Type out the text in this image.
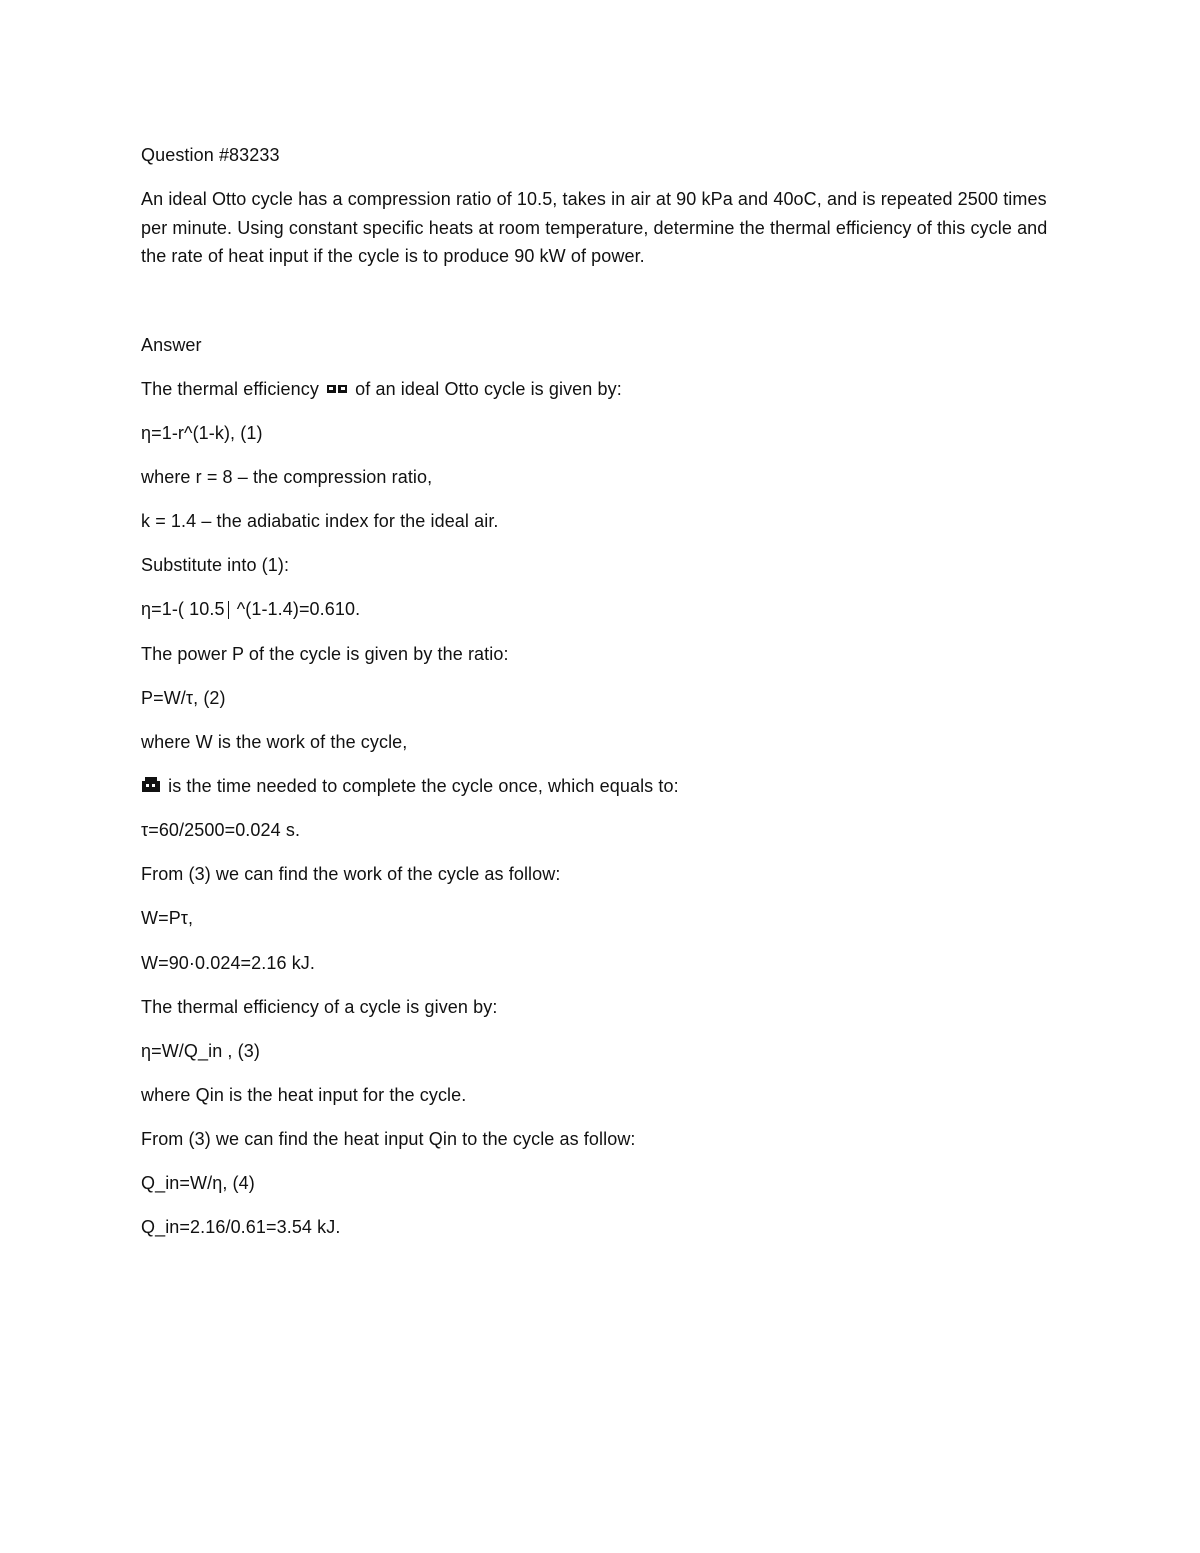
Question #83233
An ideal Otto cycle has a compression ratio of 10.5, takes in air at 90 kPa and 40oC, and is repeated 2500 times per minute. Using constant specific heats at room temperature, determine the thermal efficiency of this cycle and the rate of heat input if the cycle is to produce 90 kW of power.
Answer
The thermal efficiency of an ideal Otto cycle is given by:
η=1-r^(1-k), (1)
where r = 8 – the compression ratio,
k = 1.4 – the adiabatic index for the ideal air.
Substitute into (1):
η=1-( 10.5 ^(1-1.4)=0.610.
The power P of the cycle is given by the ratio:
P=W/τ, (2)
where W is the work of the cycle,
is the time needed to complete the cycle once, which equals to:
τ=60/2500=0.024 s.
From (3) we can find the work of the cycle as follow:
W=Pτ,
W=90·0.024=2.16 kJ.
The thermal efficiency of a cycle is given by:
η=W/Q_in , (3)
where Qin is the heat input for the cycle.
From (3) we can find the heat input Qin to the cycle as follow:
Q_in=W/η, (4)
Q_in=2.16/0.61=3.54 kJ.
